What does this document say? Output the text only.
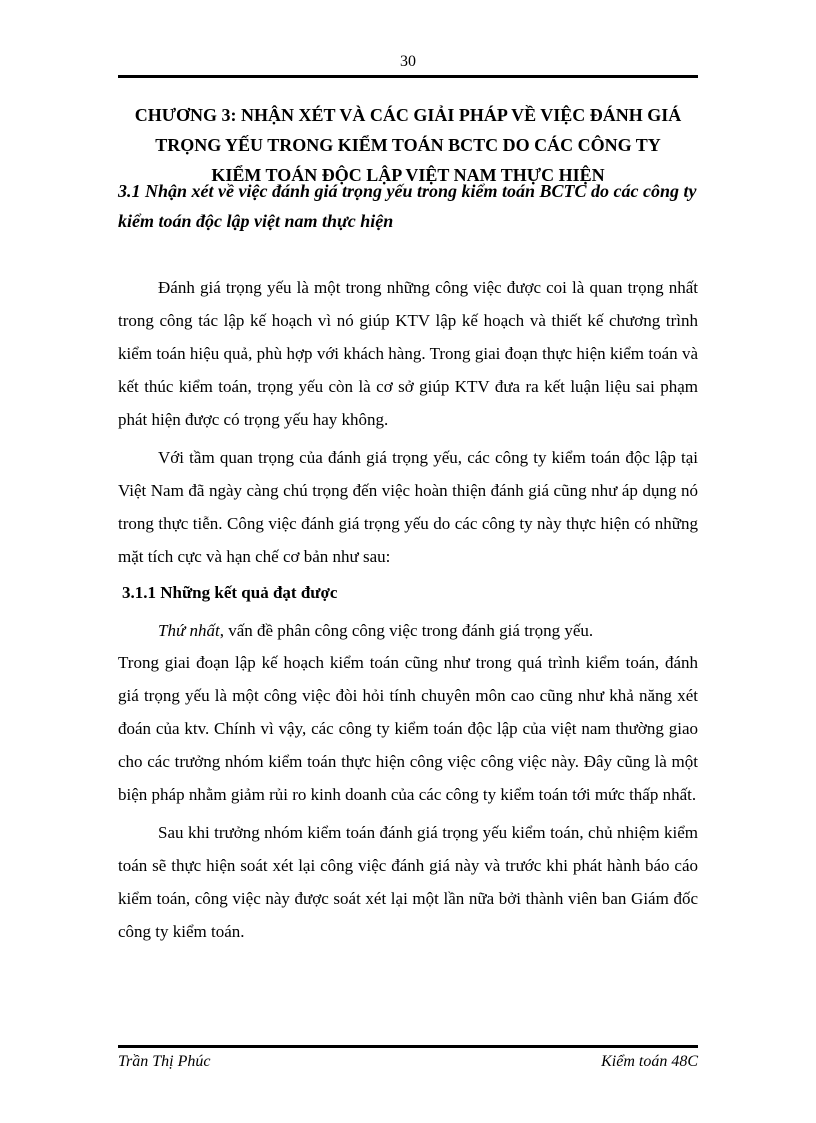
30
CHƯƠNG 3: NHẬN XÉT VÀ CÁC GIẢI PHÁP VỀ VIỆC ĐÁNH GIÁ
TRỌNG YẾU TRONG KIỂM TOÁN BCTC DO CÁC CÔNG TY
KIỂM TOÁN ĐỘC LẬP VIỆT NAM THỰC HIỆN
3.1 Nhận xét về việc đánh giá trọng yếu trong kiểm toán BCTC do các công ty kiểm toán độc lập việt nam thực hiện
Đánh giá trọng yếu là một trong những công việc được coi là quan trọng nhất trong công tác lập kế hoạch vì nó giúp KTV lập kế hoạch và thiết kế chương trình kiểm toán hiệu quả, phù hợp với khách hàng. Trong giai đoạn thực hiện kiểm toán và kết thúc kiểm toán, trọng yếu còn là cơ sở giúp KTV đưa ra kết luận liệu sai phạm phát hiện được có trọng yếu hay không.
Với tầm quan trọng của đánh giá trọng yếu, các công ty kiểm toán độc lập tại Việt Nam đã ngày càng chú trọng đến việc hoàn thiện đánh giá cũng như áp dụng nó trong thực tiễn. Công việc đánh giá trọng yếu do các công ty này thực hiện có những mặt tích cực và hạn chế cơ bản như sau:
3.1.1 Những kết quả đạt được
Thứ nhất, vấn đề phân công công việc trong đánh giá trọng yếu.
Trong giai đoạn lập kế hoạch kiểm toán cũng như trong quá trình kiểm toán, đánh giá trọng yếu là một công việc đòi hỏi tính chuyên môn cao cũng như khả năng xét đoán của ktv. Chính vì vậy, các công ty kiểm toán độc lập của việt nam thường giao cho các trưởng nhóm kiểm toán thực hiện công việc công việc này. Đây cũng là một biện pháp nhằm giảm rủi ro kinh doanh của các công ty kiểm toán tới mức thấp nhất.
Sau khi trưởng nhóm kiểm toán đánh giá trọng yếu kiểm toán, chủ nhiệm kiểm toán sẽ thực hiện soát xét lại công việc đánh giá này và trước khi phát hành báo cáo kiểm toán, công việc này được soát xét lại một lần nữa bởi thành viên ban Giám đốc công ty kiểm toán.
Trần Thị Phúc	Kiểm toán 48C
